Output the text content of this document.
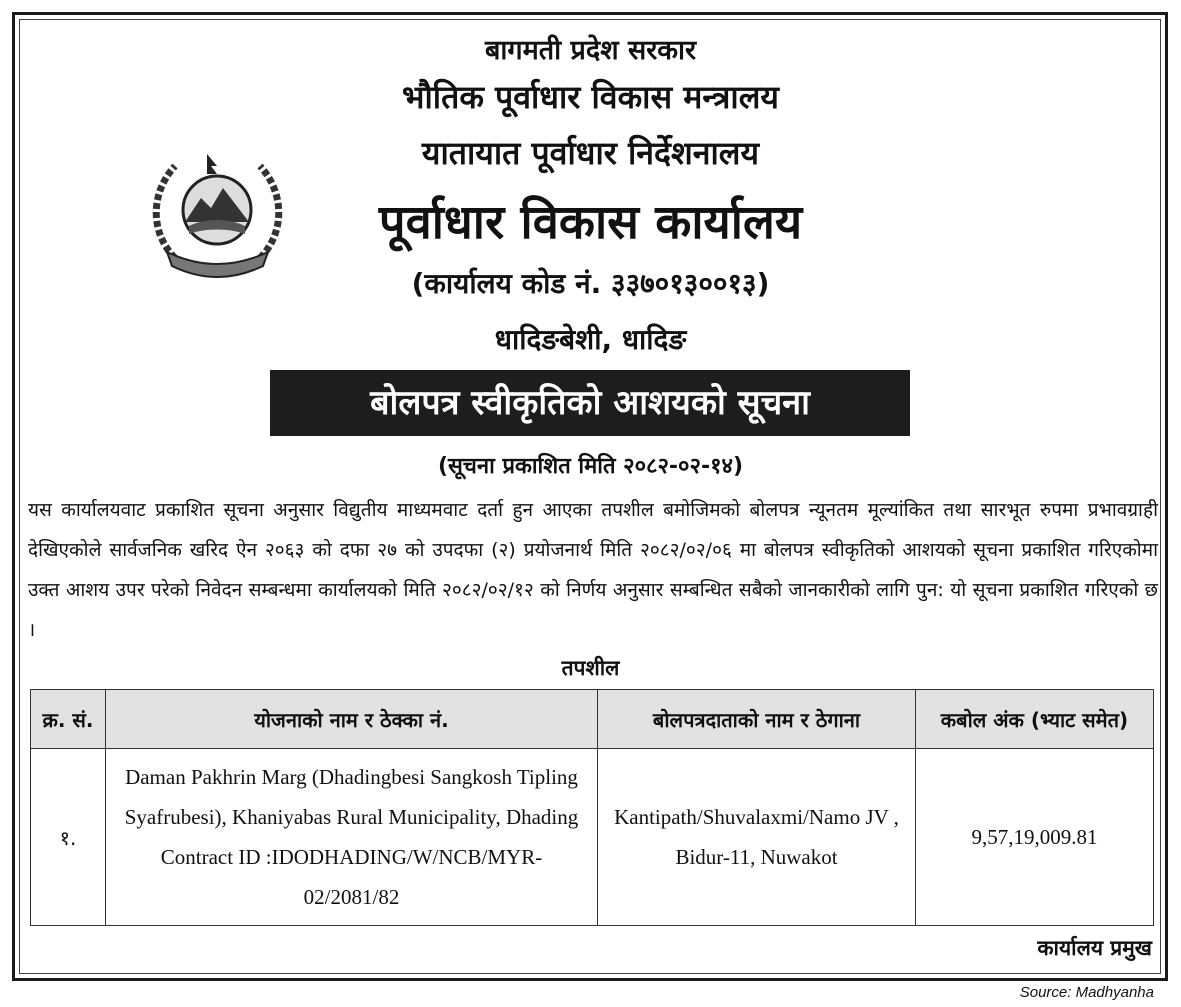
बागमती प्रदेश सरकार
भौतिक पूर्वाधार विकास मन्त्रालय
यातायात पूर्वाधार निर्देशनालय
पूर्वाधार विकास कार्यालय
(कार्यालय कोड नं. ३३७०१३००१३)
धादिङबेशी, धादिङ
बोलपत्र स्वीकृतिको आशयको सूचना
(सूचना प्रकाशित मिति २०८२-०२-१४)
यस कार्यालयवाट प्रकाशित सूचना अनुसार विद्युतीय माध्यमवाट दर्ता हुन आएका तपशील बमोजिमको बोलपत्र न्यूनतम मूल्यांकित तथा सारभूत रुपमा प्रभावग्राही देखिएकोले सार्वजनिक खरिद ऐन २०६३ को दफा २७ को उपदफा (२) प्रयोजनार्थ मिति २०८२/०२/०६ मा बोलपत्र स्वीकृतिको आशयको सूचना प्रकाशित गरिएकोमा उक्त आशय उपर परेको निवेदन सम्बन्धमा कार्यालयको मिति २०८२/०२/१२ को निर्णय अनुसार सम्बन्धित सबैको जानकारीको लागि पुन: यो सूचना प्रकाशित गरिएको छ ।
तपशील
क्र. सं.	योजनाको नाम र ठेक्का नं.	बोलपत्रदाताको नाम र ठेगाना	कबोल अंक (भ्याट समेत)
१.	Daman Pakhrin Marg (Dhadingbesi Sangkosh Tipling Syafrubesi), Khaniyabas Rural Municipality, Dhading Contract ID :IDODHADING/W/NCB/MYR-02/2081/82	Kantipath/Shuvalaxmi/Namo JV , Bidur-11, Nuwakot	9,57,19,009.81
कार्यालय प्रमुख
Source: Madhyanha
